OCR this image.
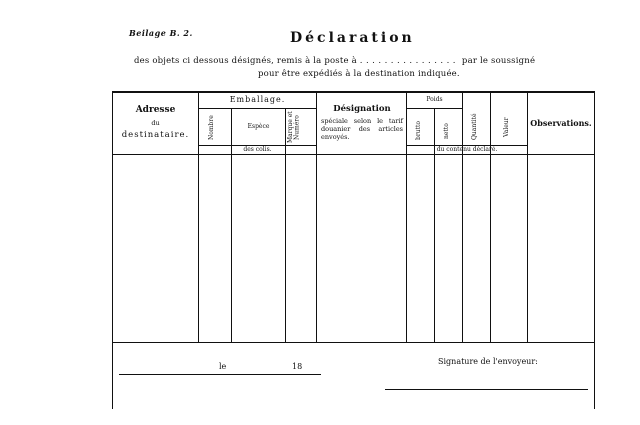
Beilage B. 2.	Déclaration
des objets ci dessous désignés, remis à la poste à ................ par le soussigné
pour être expédiés à la destination indiquée.
Adresse
du
destinataire.
Emballage.
Nombre	Espèce	Marque et Numéro
des colis.
Désignation
spéciale selon le tarif douanier des articles envoyés.
Poids
brutto	netto	Quantité	Valeur
du contenu déclaré.
Observations.
le	18
Signature de l'envoyeur:
